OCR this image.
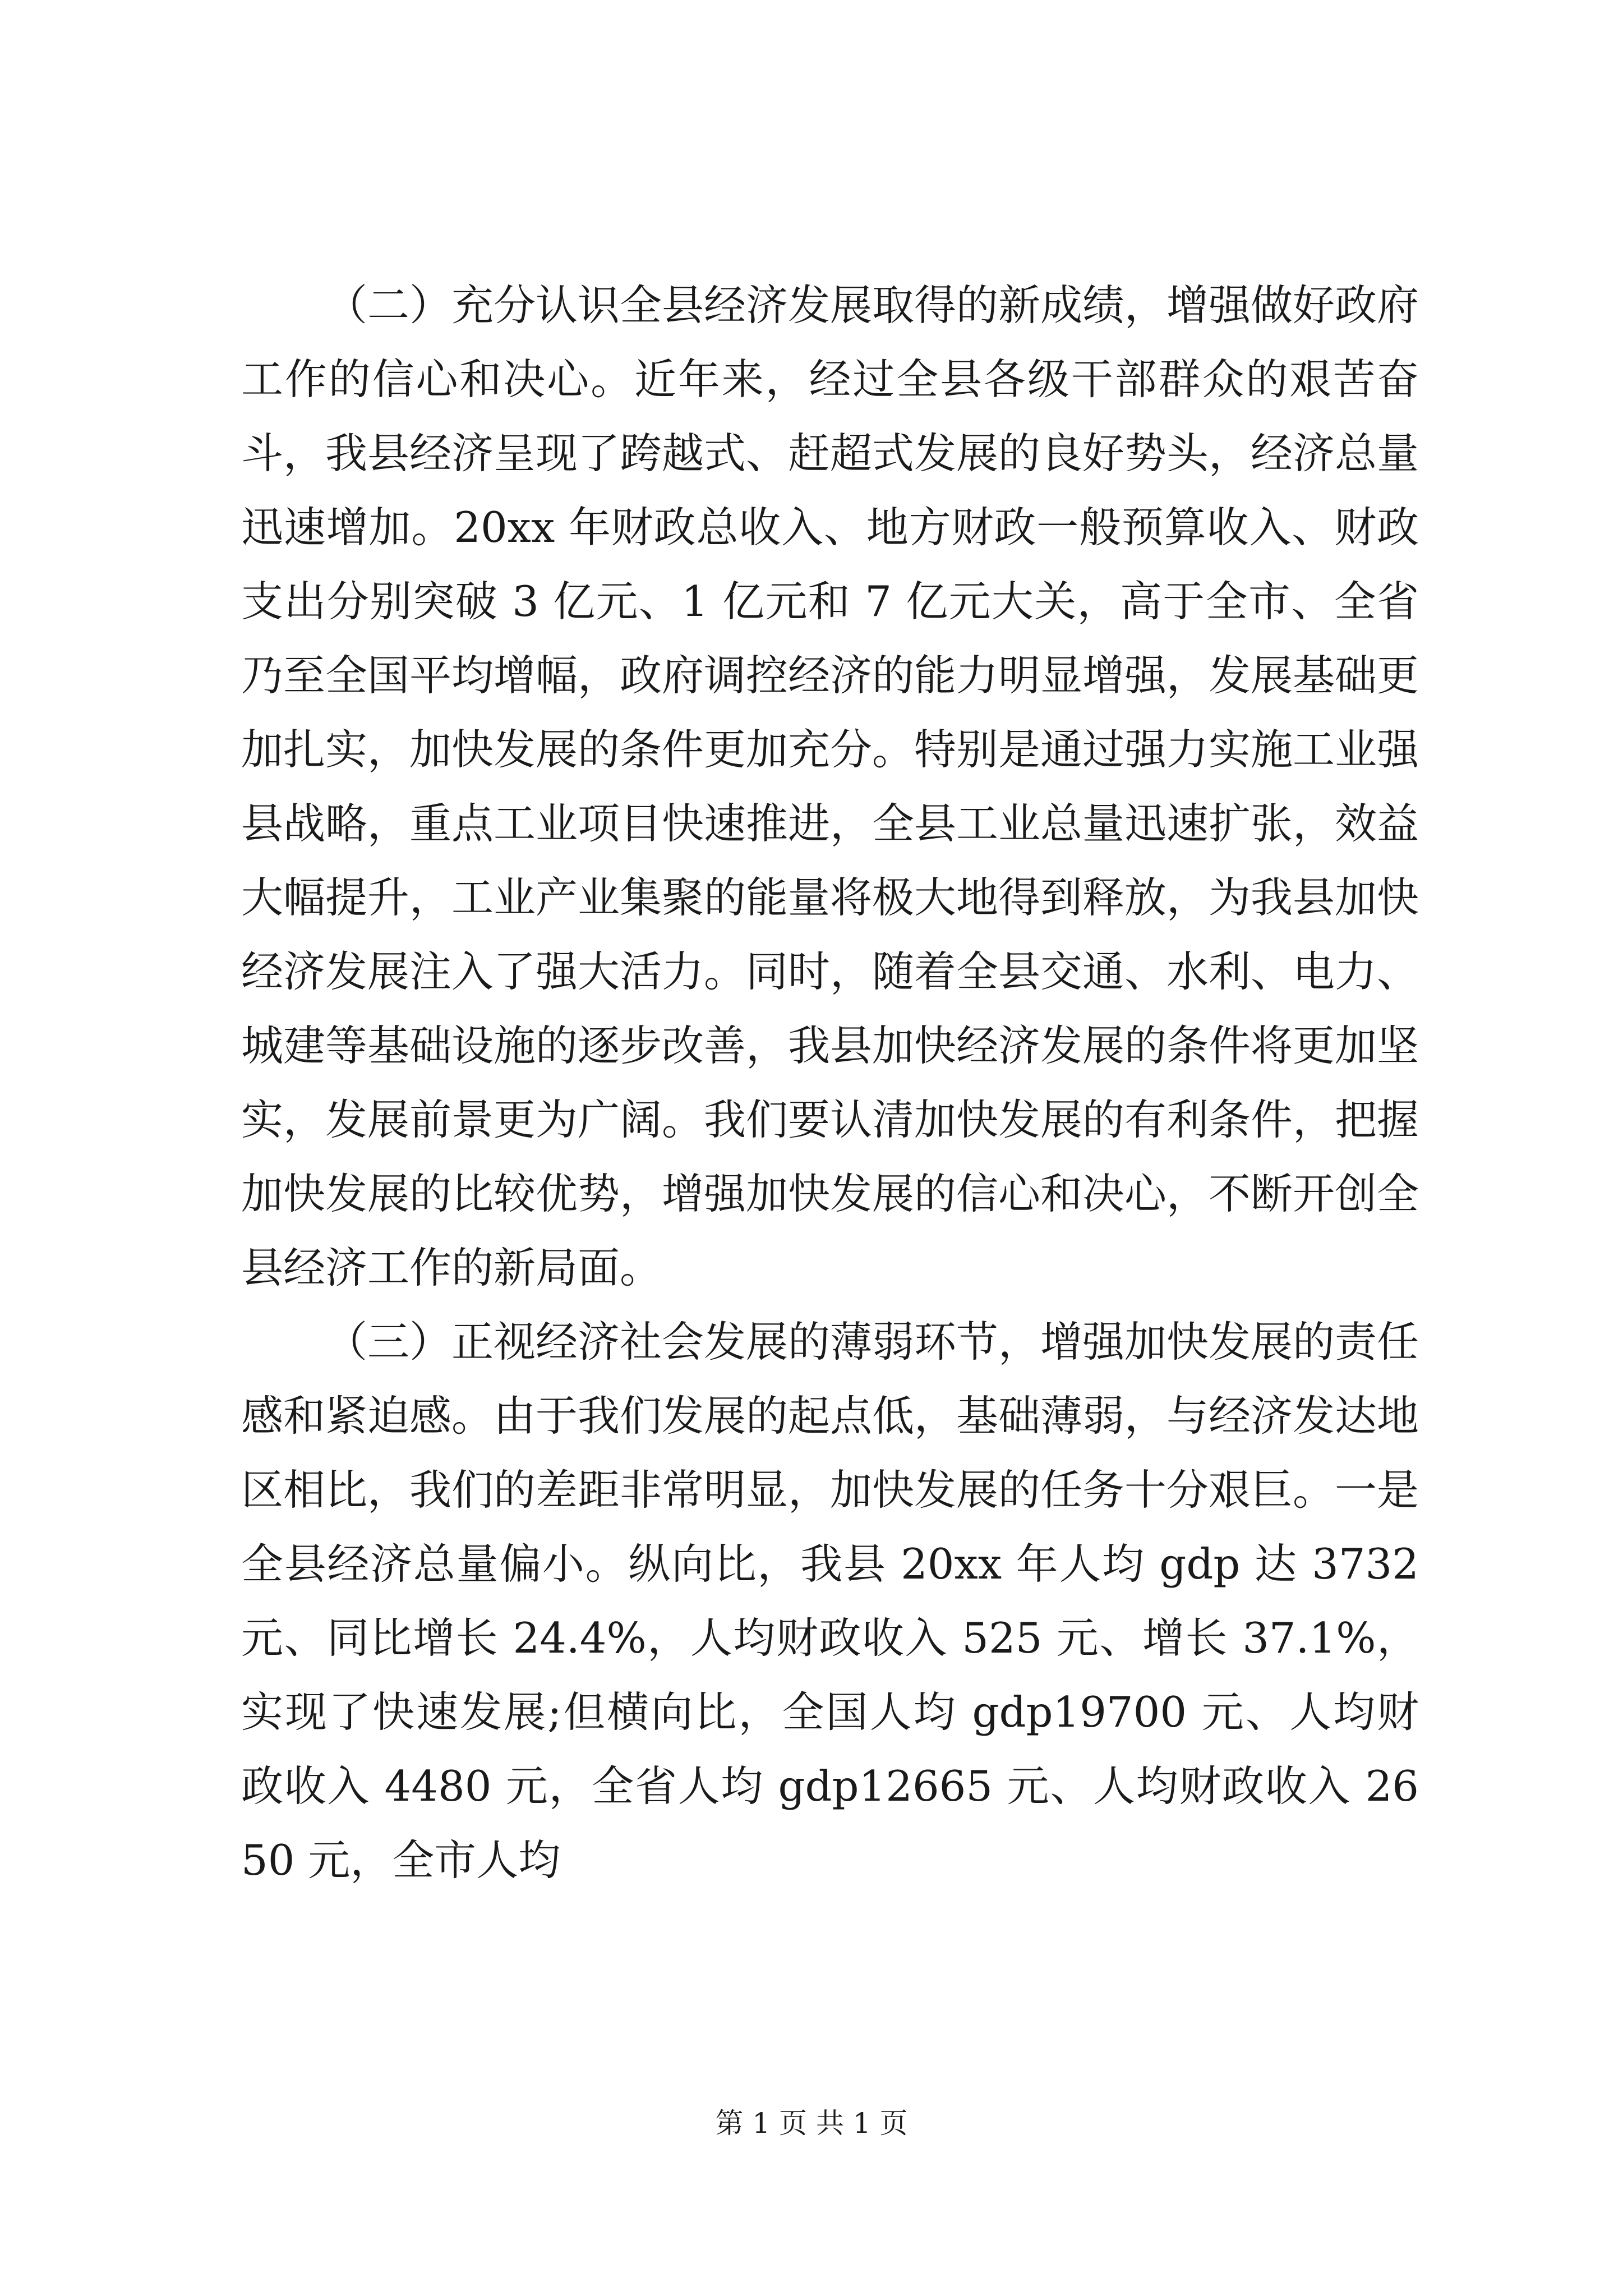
（二）充分认识全县经济发展取得的新成绩，增强做好政府工作的信心和决心。近年来，经过全县各级干部群众的艰苦奋斗，我县经济呈现了跨越式、赶超式发展的良好势头，经济总量迅速增加。20xx 年财政总收入、地方财政一般预算收入、财政支出分别突破 3 亿元、1 亿元和 7 亿元大关，高于全市、全省乃至全国平均增幅，政府调控经济的能力明显增强，发展基础更加扎实，加快发展的条件更加充分。特别是通过强力实施工业强县战略，重点工业项目快速推进，全县工业总量迅速扩张，效益大幅提升，工业产业集聚的能量将极大地得到释放，为我县加快经济发展注入了强大活力。同时，随着全县交通、水利、电力、城建等基础设施的逐步改善，我县加快经济发展的条件将更加坚实，发展前景更为广阔。我们要认清加快发展的有利条件，把握加快发展的比较优势，增强加快发展的信心和决心，不断开创全县经济工作的新局面。

（三）正视经济社会发展的薄弱环节，增强加快发展的责任感和紧迫感。由于我们发展的起点低，基础薄弱，与经济发达地区相比，我们的差距非常明显，加快发展的任务十分艰巨。一是全县经济总量偏小。纵向比，我县 20xx 年人均 gdp 达 3732 元、同比增长 24.4%，人均财政收入 525 元、增长 37.1%，实现了快速发展;但横向比，全国人均 gdp19700 元、人均财政收入 4480 元，全省人均 gdp12665 元、人均财政收入 2650 元，全市人均

第 1 页 共 1 页
